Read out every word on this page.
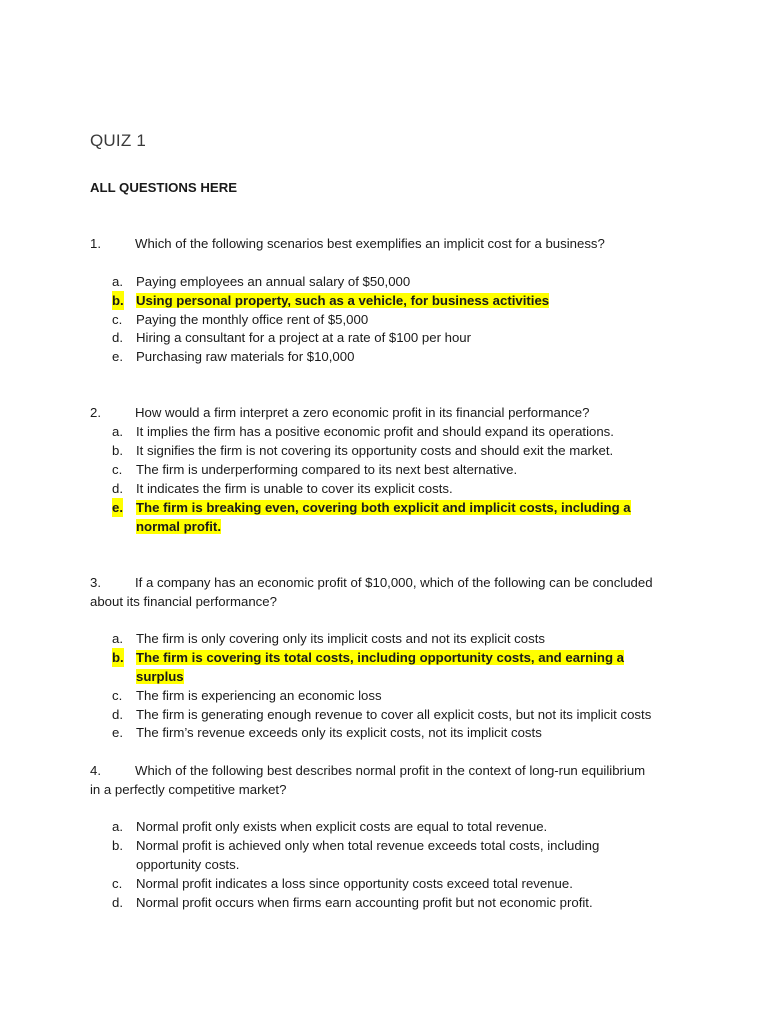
QUIZ 1
ALL QUESTIONS HERE
1.	Which of the following scenarios best exemplifies an implicit cost for a business?
a. Paying employees an annual salary of $50,000
b. Using personal property, such as a vehicle, for business activities
c. Paying the monthly office rent of $5,000
d. Hiring a consultant for a project at a rate of $100 per hour
e. Purchasing raw materials for $10,000
2.	How would a firm interpret a zero economic profit in its financial performance?
a. It implies the firm has a positive economic profit and should expand its operations.
b. It signifies the firm is not covering its opportunity costs and should exit the market.
c. The firm is underperforming compared to its next best alternative.
d. It indicates the firm is unable to cover its explicit costs.
e. The firm is breaking even, covering both explicit and implicit costs, including a
normal profit.
3.	If a company has an economic profit of $10,000, which of the following can be concluded
about its financial performance?
a. The firm is only covering only its implicit costs and not its explicit costs
b. The firm is covering its total costs, including opportunity costs, and earning a
surplus
c. The firm is experiencing an economic loss
d. The firm is generating enough revenue to cover all explicit costs, but not its implicit costs
e. The firm’s revenue exceeds only its explicit costs, not its implicit costs
4.	Which of the following best describes normal profit in the context of long-run equilibrium
in a perfectly competitive market?
a. Normal profit only exists when explicit costs are equal to total revenue.
b. Normal profit is achieved only when total revenue exceeds total costs, including
opportunity costs.
c. Normal profit indicates a loss since opportunity costs exceed total revenue.
d. Normal profit occurs when firms earn accounting profit but not economic profit.
